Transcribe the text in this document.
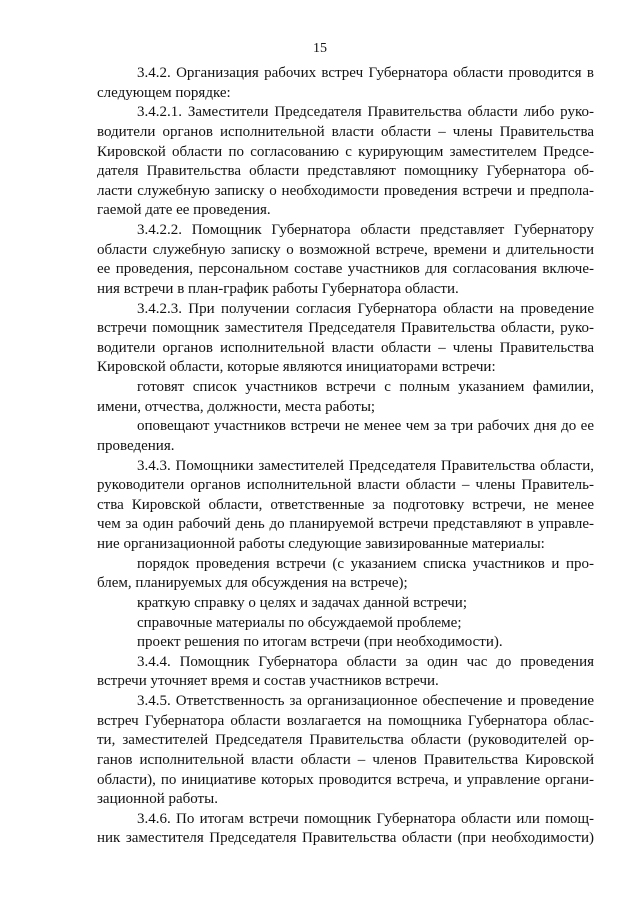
15
3.4.2. Организация рабочих встреч Губернатора области проводится в
следующем порядке:
3.4.2.1. Заместители Председателя Правительства области либо руко-
водители органов исполнительной власти области – члены Правительства
Кировской области по согласованию с курирующим заместителем Предсе-
дателя Правительства области представляют помощнику Губернатора об-
ласти служебную записку о необходимости проведения встречи и предпола-
гаемой дате ее проведения.
3.4.2.2. Помощник Губернатора области представляет Губернатору
области служебную записку о возможной встрече, времени и длительности
ее проведения, персональном составе участников для согласования включе-
ния встречи в план-график работы Губернатора области.
3.4.2.3. При получении согласия Губернатора области на проведение
встречи помощник заместителя Председателя Правительства области, руко-
водители органов исполнительной власти области – члены Правительства
Кировской области, которые являются инициаторами встречи:
готовят список участников встречи с полным указанием фамилии,
имени, отчества, должности, места работы;
оповещают участников встречи не менее чем за три рабочих дня до ее
проведения.
3.4.3. Помощники заместителей Председателя Правительства области,
руководители органов исполнительной власти области – члены Правитель-
ства Кировской области, ответственные за подготовку встречи, не менее
чем за один рабочий день до планируемой встречи представляют в управле-
ние организационной работы следующие завизированные материалы:
порядок проведения встречи (с указанием списка участников и про-
блем, планируемых для обсуждения на встрече);
краткую справку о целях и задачах данной встречи;
справочные материалы по обсуждаемой проблеме;
проект решения по итогам встречи (при необходимости).
3.4.4. Помощник Губернатора области за один час до проведения
встречи уточняет время и состав участников встречи.
3.4.5. Ответственность за организационное обеспечение и проведение
встреч Губернатора области возлагается на помощника Губернатора облас-
ти, заместителей Председателя Правительства области (руководителей ор-
ганов исполнительной власти области – членов Правительства Кировской
области), по инициативе которых проводится встреча, и управление органи-
зационной работы.
3.4.6. По итогам встречи помощник Губернатора области или помощ-
ник заместителя Председателя Правительства области (при необходимости)
